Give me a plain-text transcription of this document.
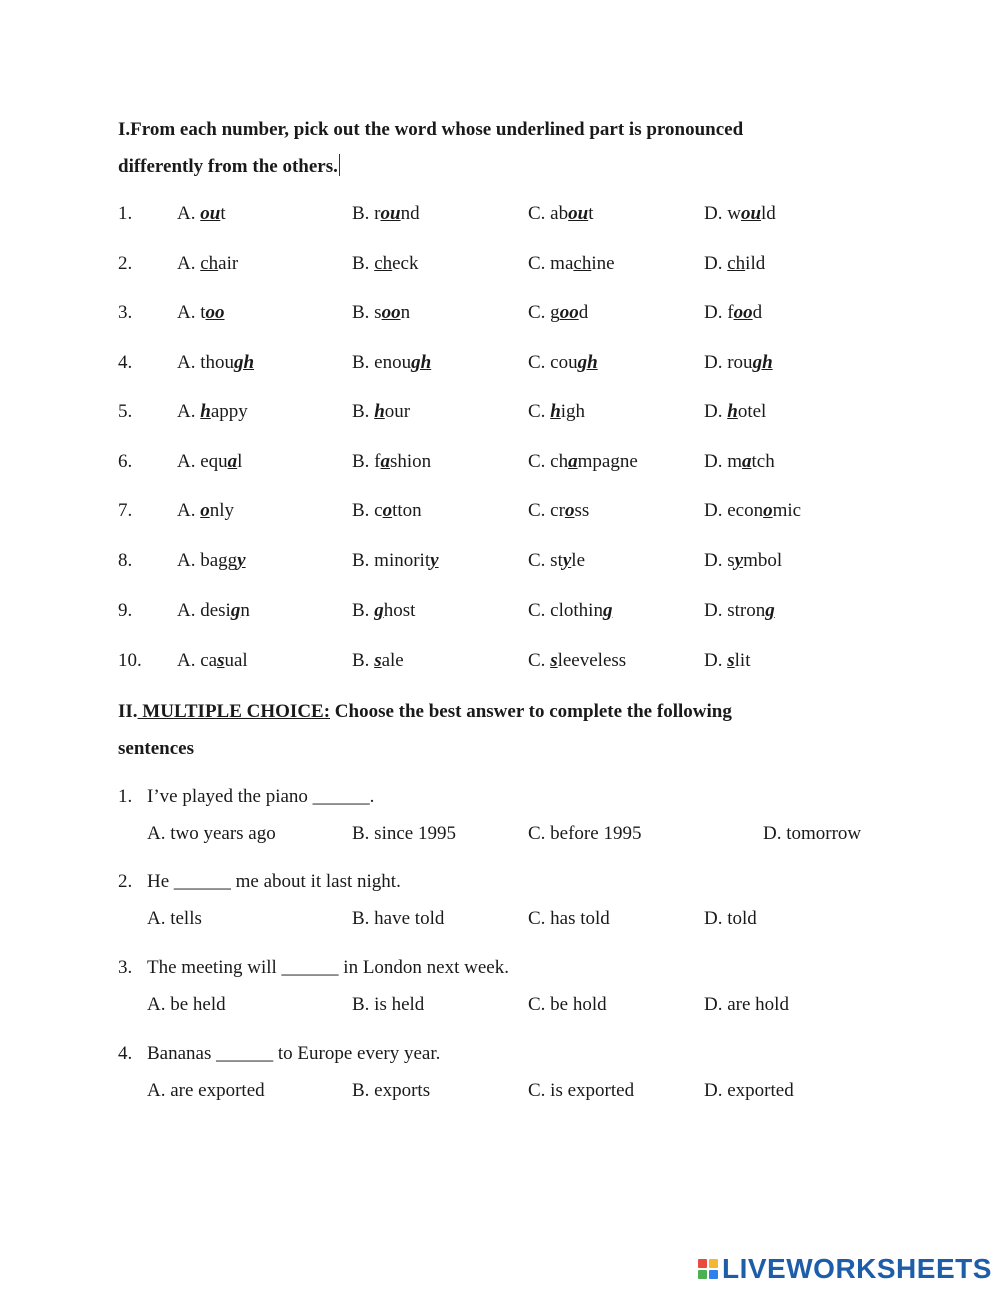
I.From each number, pick out the word whose underlined part is pronounced
differently from the others.
1. A. out	B. round	C. about	D. would
2. A. chair	B. check	C. machine	D. child
3. A. too	B. soon	C. good	D. food
4. A. though	B. enough	C. cough	D. rough
5. A. happy	B. hour	C. high	D. hotel
6. A. equal	B. fashion	C. champagne	D. match
7. A. only	B. cotton	C. cross	D. economic
8. A. baggy	B. minority	C. style	D. symbol
9. A. design	B. ghost	C. clothing	D. strong
10. A. casual	B. sale	C. sleeveless	D. slit
II. MULTIPLE CHOICE: Choose the best answer to complete the following
sentences
1. I’ve played the piano ______.
A. two years ago	B. since 1995	C. before 1995	D. tomorrow
2. He ______ me about it last night.
A. tells	B. have told	C. has told	D. told
3. The meeting will ______ in London next week.
A. be held	B. is held	C. be hold	D. are hold
4. Bananas ______ to Europe every year.
A. are exported	B. exports	C. is exported	D. exported
LIVEWORKSHEETS
